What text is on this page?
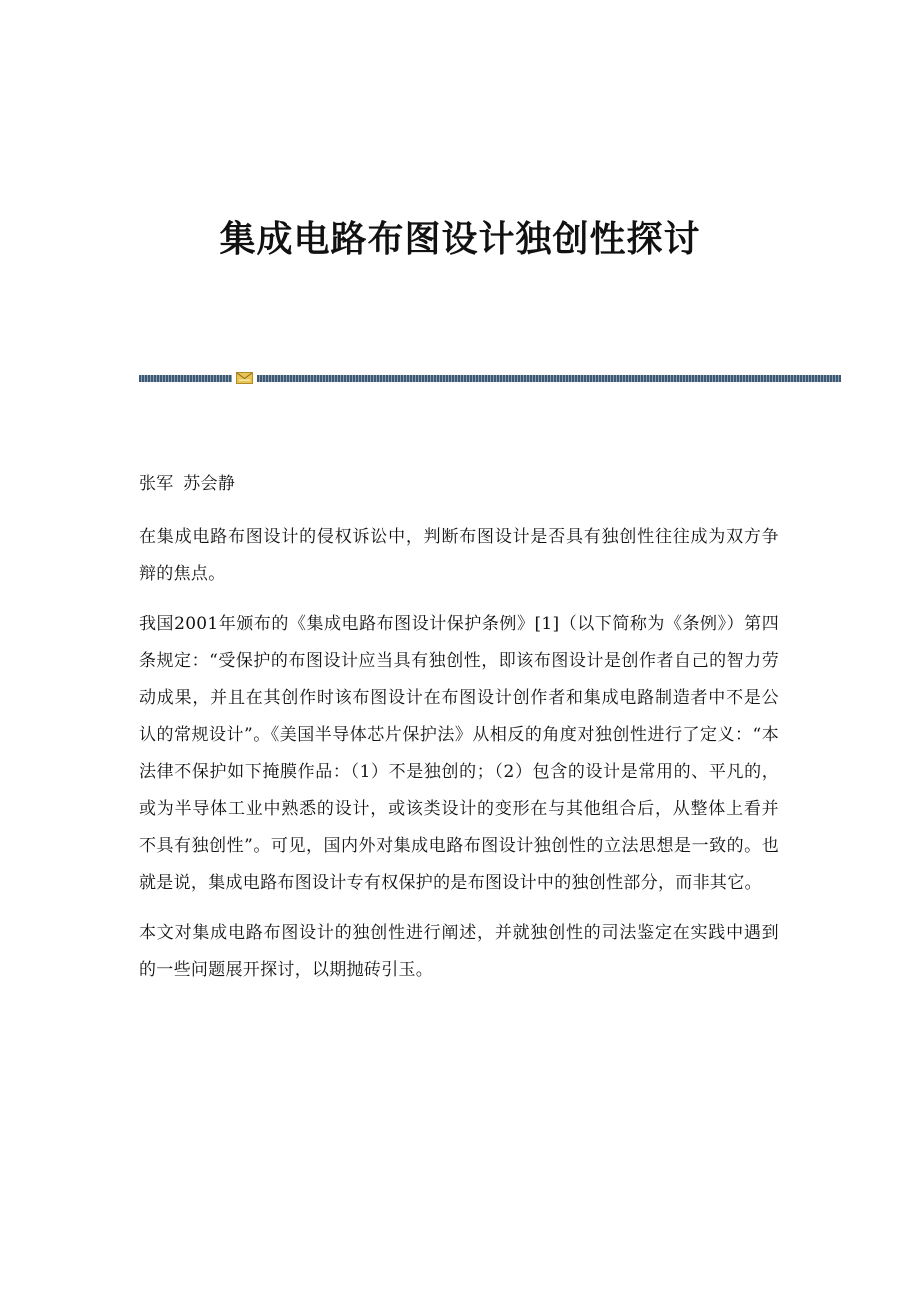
集成电路布图设计独创性探讨

张军 苏会静

在集成电路布图设计的侵权诉讼中，判断布图设计是否具有独创性往往成为双方争辩的焦点。

我国2001年颁布的《集成电路布图设计保护条例》[1]（以下简称为《条例》）第四条规定：“受保护的布图设计应当具有独创性，即该布图设计是创作者自己的智力劳动成果，并且在其创作时该布图设计在布图设计创作者和集成电路制造者中不是公认的常规设计”。《美国半导体芯片保护法》从相反的角度对独创性进行了定义：“本法律不保护如下掩膜作品：（1）不是独创的；（2）包含的设计是常用的、平凡的，或为半导体工业中熟悉的设计，或该类设计的变形在与其他组合后，从整体上看并不具有独创性”。可见，国内外对集成电路布图设计独创性的立法思想是一致的。也就是说，集成电路布图设计专有权保护的是布图设计中的独创性部分，而非其它。

本文对集成电路布图设计的独创性进行阐述，并就独创性的司法鉴定在实践中遇到的一些问题展开探讨，以期抛砖引玉。
